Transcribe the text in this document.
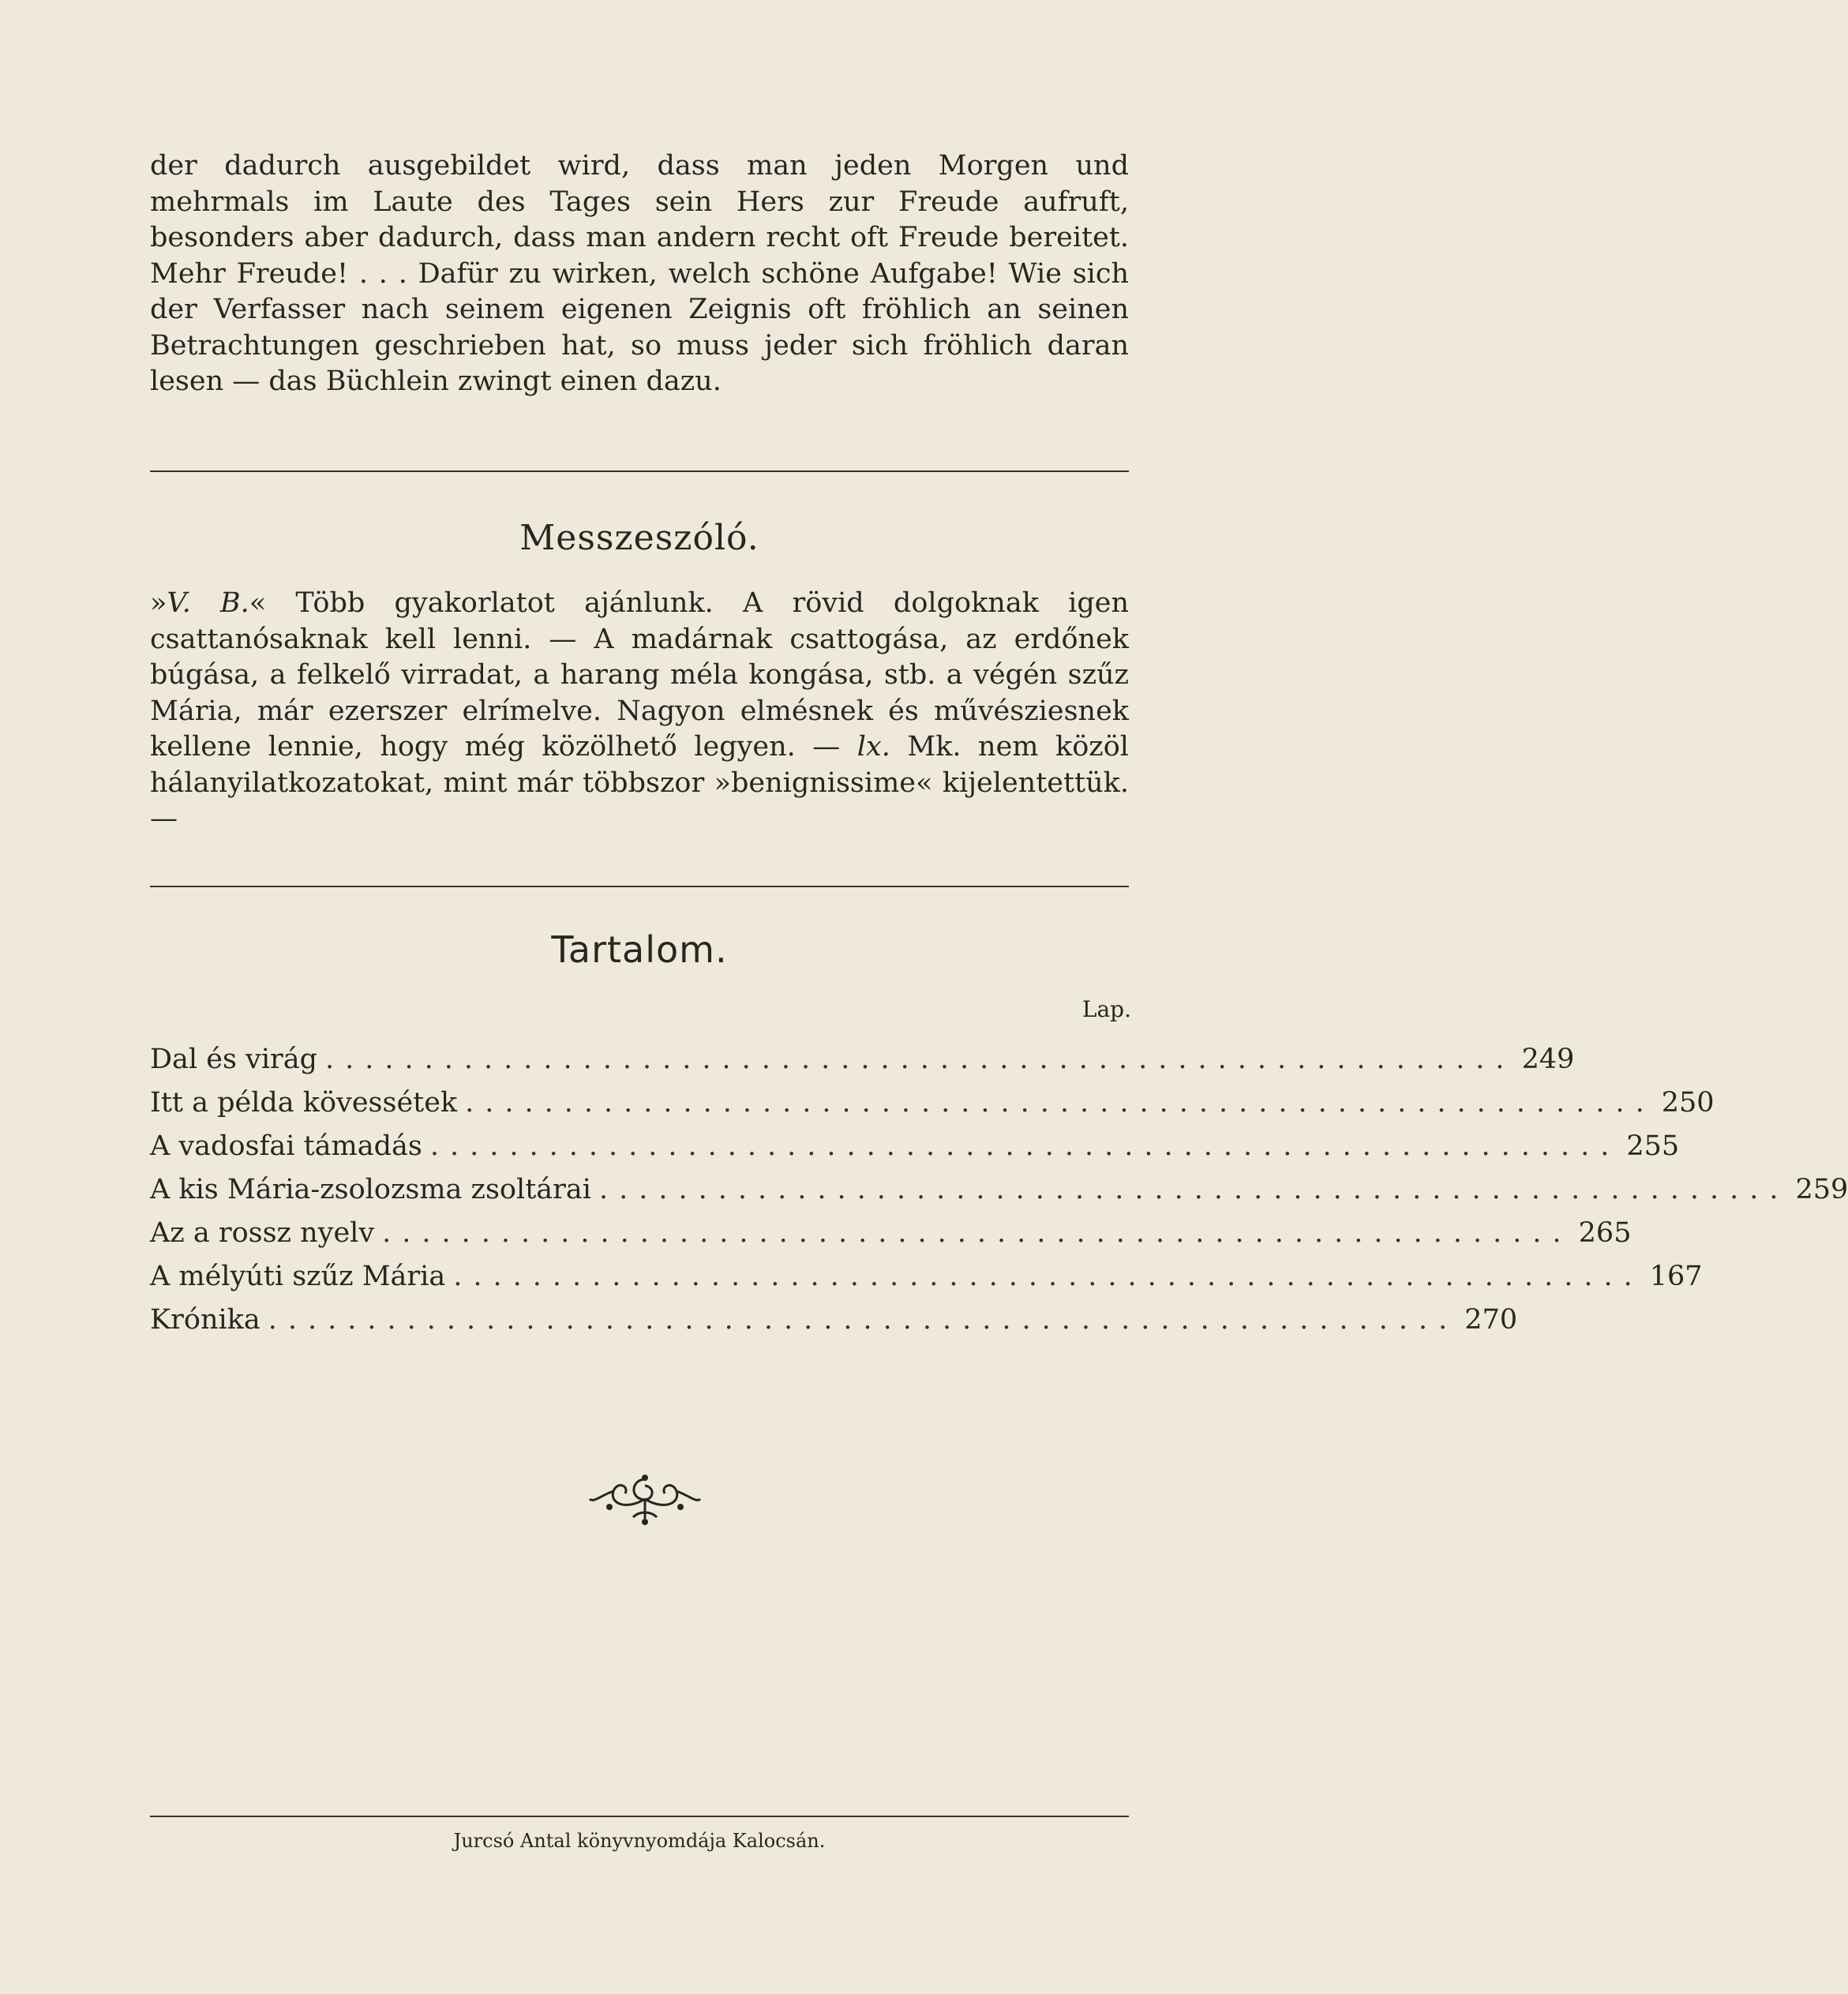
der dadurch ausgebildet wird, dass man jeden Morgen und mehrmals im Laute des Tages sein Hers zur Freude aufruft, besonders aber dadurch, dass man andern recht oft Freude bereitet. Mehr Freude! . . . Dafür zu wirken, welch schöne Aufgabe! Wie sich der Verfasser nach seinem eigenen Zeignis oft fröhlich an seinen Betrachtungen geschrieben hat, so muss jeder sich fröhlich daran lesen — das Büchlein zwingt einen dazu.

Messzeszóló.

»V. B.« Több gyakorlatot ajánlunk. A rövid dolgoknak igen csattanósaknak kell lenni. — A madárnak csattogása, az erdőnek búgása, a felkelő virradat, a harang méla kongása, stb. a végén szűz Mária, már ezerszer elrímelve. Nagyon elmésnek és művésziesnek kellene lennie, hogy még közölhető legyen. — lx. Mk. nem közöl hálanyilatkozatokat, mint már többszor »benignissime« kijelentettük. —

Tartalom.
Lap.
Dal és virág ............................................................ 249
Itt a példa kövessétek ............................................................ 250
A vadosfai támadás ............................................................ 255
A kis Mária-zsolozsma zsoltárai ............................................................ 259
Az a rossz nyelv ............................................................ 265
A mélyúti szűz Mária ............................................................ 167
Krónika ............................................................ 270
Jurcsó Antal könyvnyomdája Kalocsán.
